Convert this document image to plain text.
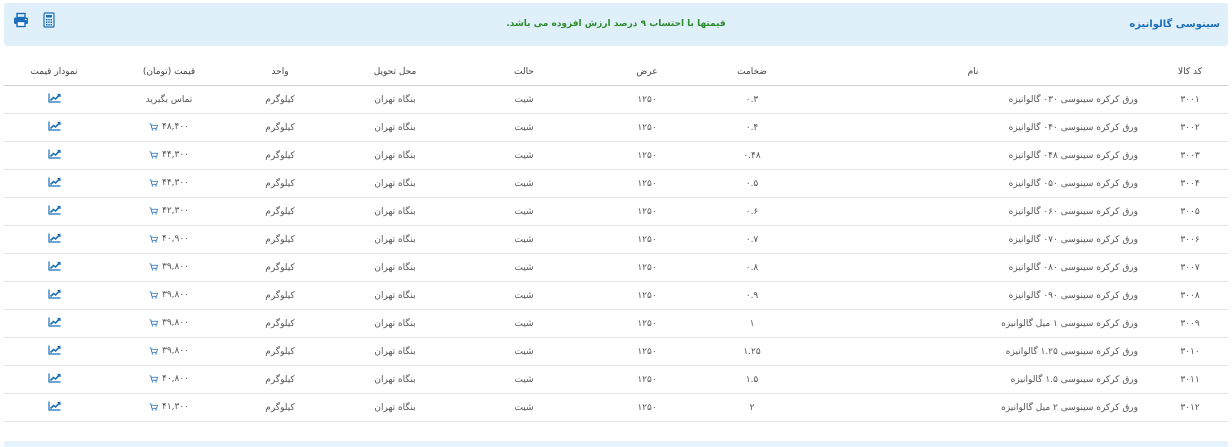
سینوسی گالوانیزه
قیمتها با احتساب ۹ درصد ارزش افزوده می باشد.
کد کالا	نام	ضخامت	عرض	حالت	محل تحویل	واحد	قیمت (تومان)	نمودار قیمت
۳۰۰۱	ورق کرکره سینوسی ۰۳۰ گالوانیزه	۰.۳	۱۲۵۰	شیت	بنگاه تهران	کیلوگرم	تماس بگیرید

۳۰۰۲	ورق کرکره سینوسی ۰۴۰ گالوانیزه	۰.۴	۱۲۵۰	شیت	بنگاه تهران	کیلوگرم	۴۸,۴۰۰

۳۰۰۳	ورق کرکره سینوسی ۰۴۸ گالوانیزه	۰.۴۸	۱۲۵۰	شیت	بنگاه تهران	کیلوگرم	۴۴,۳۰۰

۳۰۰۴	ورق کرکره سینوسی ۰۵۰ گالوانیزه	۰.۵	۱۲۵۰	شیت	بنگاه تهران	کیلوگرم	۴۴,۳۰۰

۳۰۰۵	ورق کرکره سینوسی ۰۶۰ گالوانیزه	۰.۶	۱۲۵۰	شیت	بنگاه تهران	کیلوگرم	۴۲,۳۰۰

۳۰۰۶	ورق کرکره سینوسی ۰۷۰ گالوانیزه	۰.۷	۱۲۵۰	شیت	بنگاه تهران	کیلوگرم	۴۰,۹۰۰

۳۰۰۷	ورق کرکره سینوسی ۰۸۰ گالوانیزه	۰.۸	۱۲۵۰	شیت	بنگاه تهران	کیلوگرم	۳۹,۸۰۰

۳۰۰۸	ورق کرکره سینوسی ۰۹۰ گالوانیزه	۰.۹	۱۲۵۰	شیت	بنگاه تهران	کیلوگرم	۳۹,۸۰۰

۳۰۰۹	ورق کرکره سینوسی ۱ میل گالوانیزه	۱	۱۲۵۰	شیت	بنگاه تهران	کیلوگرم	۳۹,۸۰۰

۳۰۱۰	ورق کرکره سینوسی ۱.۲۵ گالوانیزه	۱.۲۵	۱۲۵۰	شیت	بنگاه تهران	کیلوگرم	۳۹,۸۰۰

۳۰۱۱	ورق کرکره سینوسی ۱.۵ گالوانیزه	۱.۵	۱۲۵۰	شیت	بنگاه تهران	کیلوگرم	۴۰,۸۰۰

۳۰۱۲	ورق کرکره سینوسی ۲ میل گالوانیزه	۲	۱۲۵۰	شیت	بنگاه تهران	کیلوگرم	۴۱,۳۰۰
